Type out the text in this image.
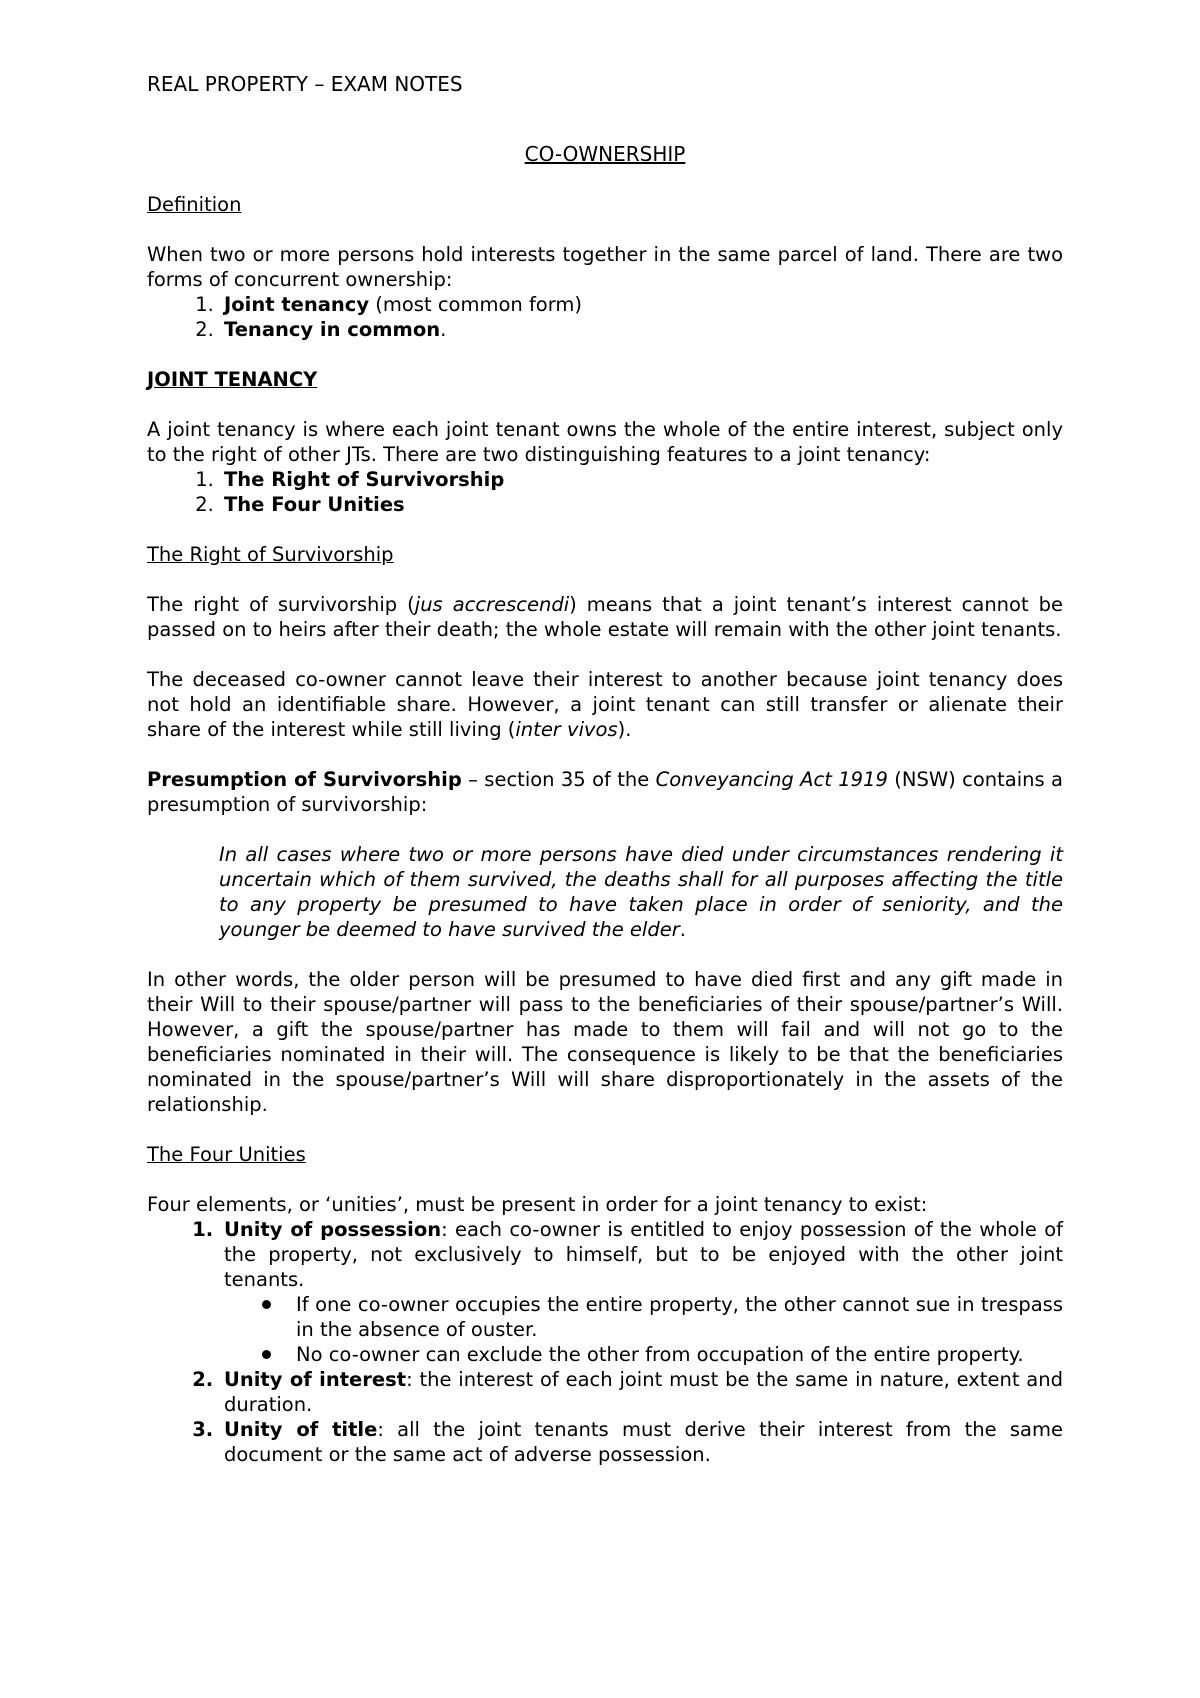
REAL PROPERTY – EXAM NOTES

CO-OWNERSHIP

Definition

When two or more persons hold interests together in the same parcel of land. There are two forms of concurrent ownership:

1. Joint tenancy (most common form)
2. Tenancy in common.

JOINT TENANCY

A joint tenancy is where each joint tenant owns the whole of the entire interest, subject only to the right of other JTs. There are two distinguishing features to a joint tenancy:

1. The Right of Survivorship
2. The Four Unities

The Right of Survivorship

The right of survivorship (jus accrescendi) means that a joint tenant’s interest cannot be passed on to heirs after their death; the whole estate will remain with the other joint tenants.

The deceased co-owner cannot leave their interest to another because joint tenancy does not hold an identifiable share. However, a joint tenant can still transfer or alienate their share of the interest while still living (inter vivos).

Presumption of Survivorship – section 35 of the Conveyancing Act 1919 (NSW) contains a presumption of survivorship:

In all cases where two or more persons have died under circumstances rendering it uncertain which of them survived, the deaths shall for all purposes affecting the title to any property be presumed to have taken place in order of seniority, and the younger be deemed to have survived the elder.

In other words, the older person will be presumed to have died first and any gift made in their Will to their spouse/partner will pass to the beneficiaries of their spouse/partner’s Will. However, a gift the spouse/partner has made to them will fail and will not go to the beneficiaries nominated in their will. The consequence is likely to be that the beneficiaries nominated in the spouse/partner’s Will will share disproportionately in the assets of the relationship.

The Four Unities

Four elements, or ‘unities’, must be present in order for a joint tenancy to exist:

1. Unity of possession: each co-owner is entitled to enjoy possession of the whole of the property, not exclusively to himself, but to be enjoyed with the other joint tenants.
If one co-owner occupies the entire property, the other cannot sue in trespass in the absence of ouster.
No co-owner can exclude the other from occupation of the entire property.
2. Unity of interest: the interest of each joint must be the same in nature, extent and duration.
3. Unity of title: all the joint tenants must derive their interest from the same document or the same act of adverse possession.
